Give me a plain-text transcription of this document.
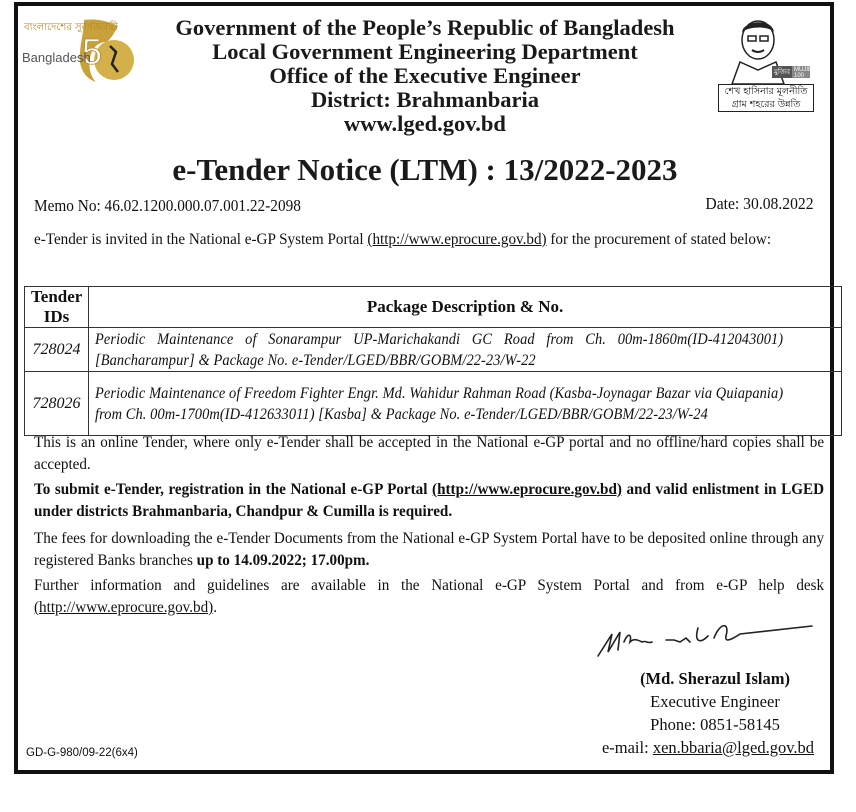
5
বাংলাদেশের সুবর্ণজয়ন্তী
Bangladesh
Government of the People’s Republic of Bangladesh
Local Government Engineering Department
Office of the Executive Engineer
District: Brahmanbaria
www.lged.gov.bd
মুজিব MUJIB 100
শেখ হাসিনার মূলনীতি
গ্রাম শহরের উন্নতি
e-Tender Notice (LTM) : 13/2022-2023
Memo No: 46.02.1200.000.07.001.22-2098	Date: 30.08.2022
e-Tender is invited in the National e-GP System Portal (http://www.eprocure.gov.bd) for the procurement of stated below:
Tender IDs	Package Description & No.
728024	Periodic Maintenance of Sonarampur UP-Marichakandi GC Road from Ch. 00m-1860m(ID-412043001) [Bancharampur] & Package No. e-Tender/LGED/BBR/GOBM/22-23/W-22

728026	Periodic Maintenance of Freedom Fighter Engr. Md. Wahidur Rahman Road (Kasba-Joynagar Bazar via Quiapania) from Ch. 00m-1700m(ID-412633011) [Kasba] & Package No. e-Tender/LGED/BBR/GOBM/22-23/W-24
This is an online Tender, where only e-Tender shall be accepted in the National e-GP portal and no offline/hard copies shall be accepted.
To submit e-Tender, registration in the National e-GP Portal (http://www.eprocure.gov.bd) and valid enlistment in LGED under districts Brahmanbaria, Chandpur & Cumilla is required.
The fees for downloading the e-Tender Documents from the National e-GP System Portal have to be deposited online through any registered Banks branches up to 14.09.2022; 17.00pm.
Further information and guidelines are available in the National e-GP System Portal and from e-GP help desk (http://www.eprocure.gov.bd).
(Md. Sherazul Islam)
Executive Engineer
Phone: 0851-58145
e-mail: xen.bbaria@lged.gov.bd
GD-G-980/09-22(6x4)
